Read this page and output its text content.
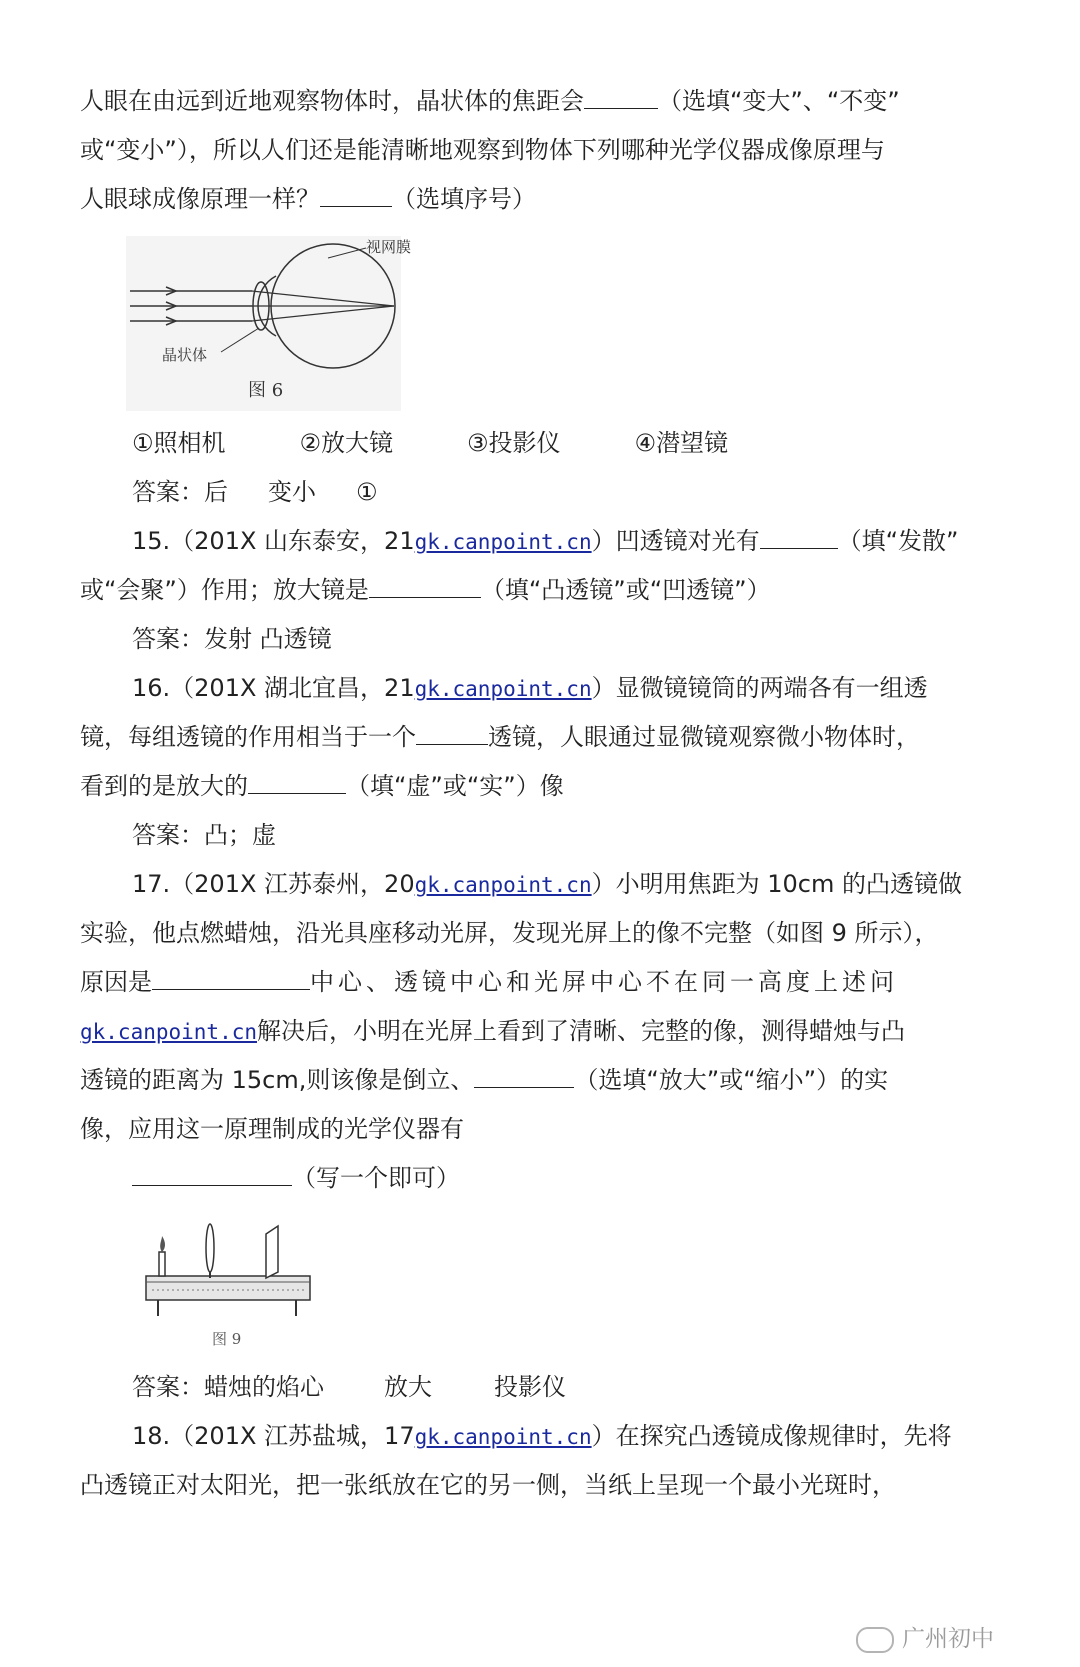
人眼在由远到近地观察物体时，晶状体的焦距会	（选填“变大”、“不变”
或“变小”），所以人们还是能清晰地观察到物体下列哪种光学仪器成像原理与
人眼球成像原理一样？	（选填序号）
视网膜
晶状体
图 6
①照相机	②放大镜	③投影仪	④潜望镜
答案：后 变小 ①
15.（201X 山东泰安，21gk.canpoint.cn）凹透镜对光有	（填“发散”
或“会聚”）作用；放大镜是	（填“凸透镜”或“凹透镜”）
答案：发射 凸透镜
16.（201X 湖北宜昌，21gk.canpoint.cn）显微镜镜筒的两端各有一组透
镜，每组透镜的作用相当于一个	透镜，人眼通过显微镜观察微小物体时，
看到的是放大的	（填“虚”或“实”）像
答案：凸；虚
17.（201X 江苏泰州，20gk.canpoint.cn）小明用焦距为 10cm 的凸透镜做
实验，他点燃蜡烛，沿光具座移动光屏，发现光屏上的像不完整（如图 9 所示），
原因是	中心、透镜中心和光屏中心不在同一高度上述问
gk.canpoint.cn解决后，小明在光屏上看到了清晰、完整的像，测得蜡烛与凸
透镜的距离为 15cm,则该像是倒立、	（选填“放大”或“缩小”）的实
像，应用这一原理制成的光学仪器有
（写一个即可）
图 9
答案：蜡烛的焰心	放大	投影仪
18.（201X 江苏盐城，17gk.canpoint.cn）在探究凸透镜成像规律时，先将
凸透镜正对太阳光，把一张纸放在它的另一侧，当纸上呈现一个最小光斑时，
广州初中
